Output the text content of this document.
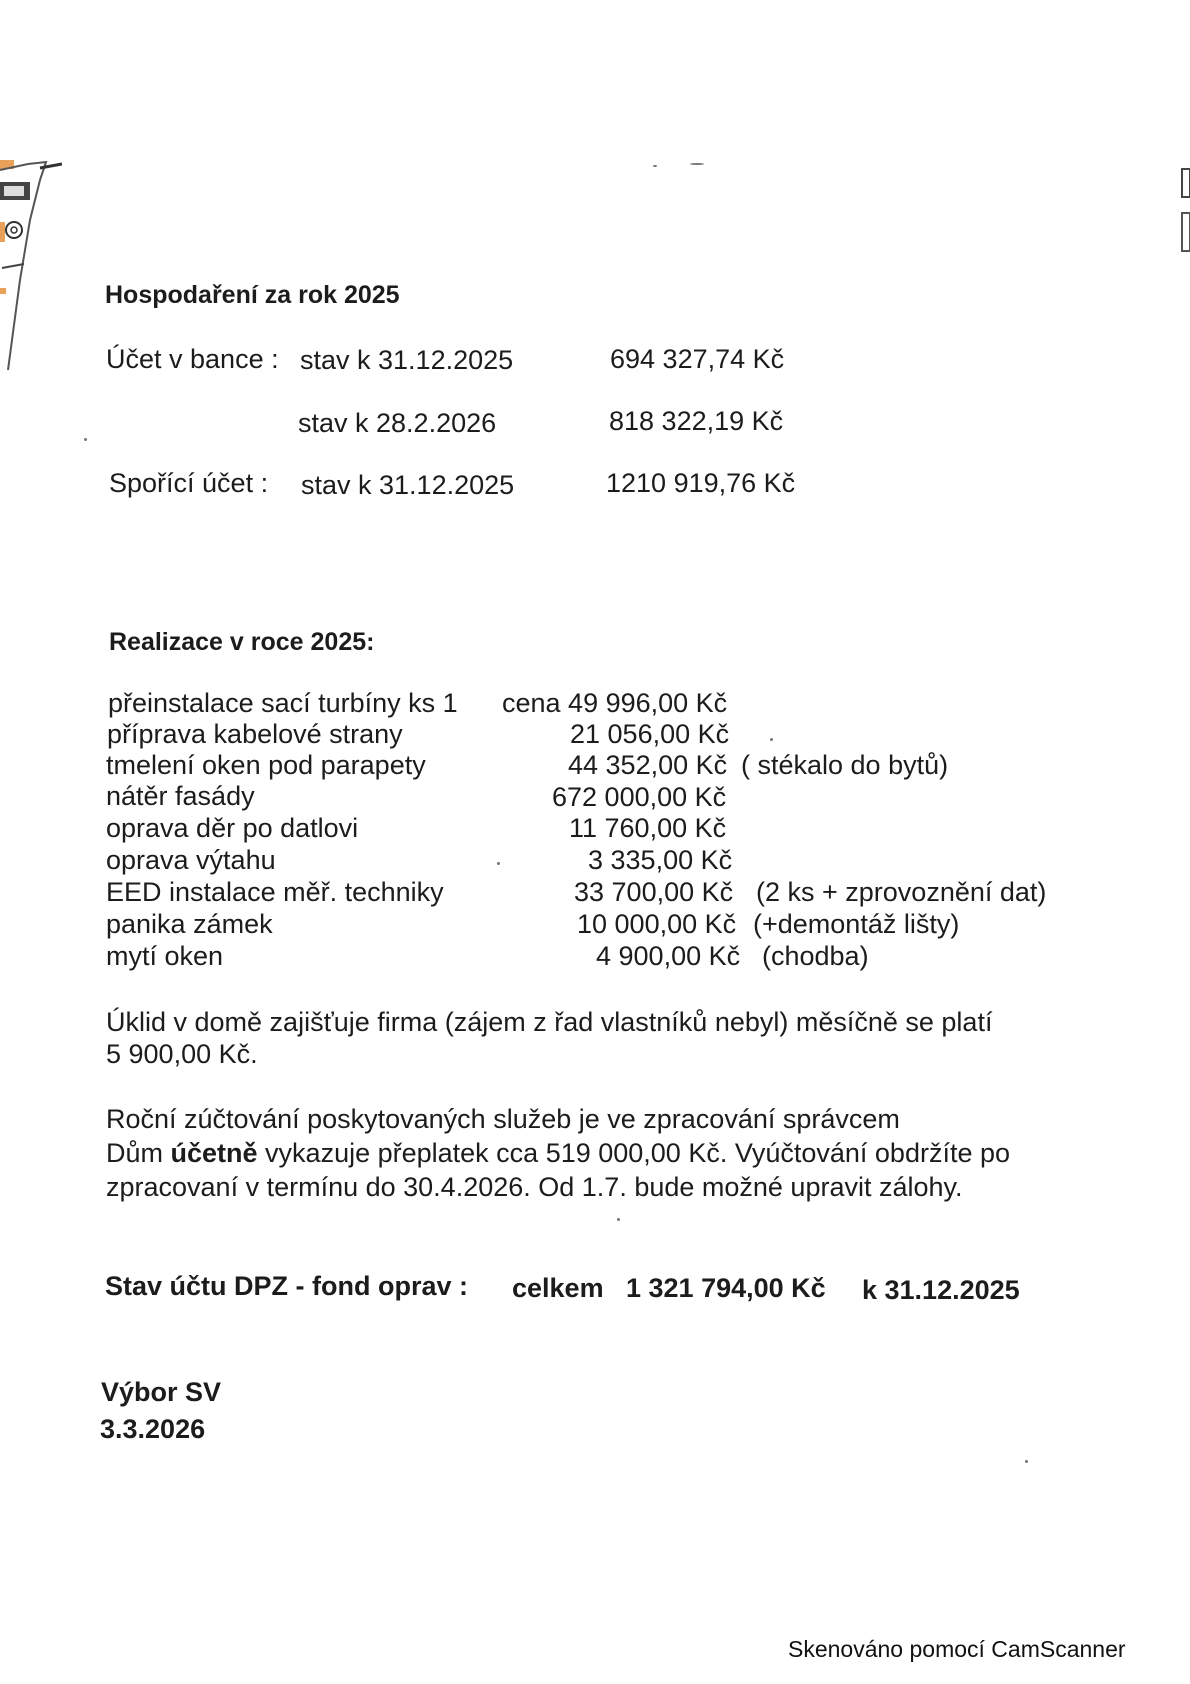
Hospodaření za rok 2025
Účet v bance : stav k 31.12.2025	694 327,74 Kč
stav k 28.2.2026	818 322,19 Kč
Spořící účet : stav k 31.12.2025	1210 919,76 Kč
Realizace v roce 2025:
přeinstalace sací turbíny ks 1 cena 49 996,00 Kč
příprava kabelové strany	21 056,00 Kč
tmelení oken pod parapety	44 352,00 Kč ( stékalo do bytů)
nátěr fasády	672 000,00 Kč
oprava děr po datlovi	11 760,00 Kč
oprava výtahu	3 335,00 Kč
EED instalace měř. techniky	33 700,00 Kč (2 ks + zprovoznění dat)
panika zámek	10 000,00 Kč (+demontáž lišty)
mytí oken	4 900,00 Kč (chodba)
Úklid v domě zajišťuje firma (zájem z řad vlastníků nebyl) měsíčně se platí
5 900,00 Kč.
Roční zúčtování poskytovaných služeb je ve zpracování správcem
Dům účetně vykazuje přeplatek cca 519 000,00 Kč. Vyúčtování obdržíte po
zpracovaní v termínu do 30.4.2026. Od 1.7. bude možné upravit zálohy.
Stav účtu DPZ - fond oprav : celkem 1 321 794,00 Kč k 31.12.2025
Výbor SV
3.3.2026
Skenováno pomocí CamScanner
